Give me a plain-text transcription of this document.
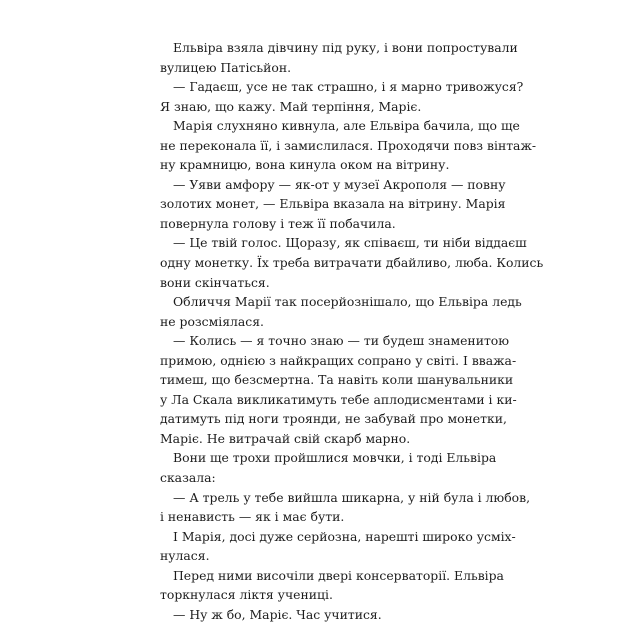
Ельвіра взяла дівчину під руку, і вони попростували
вулицею Патісьйон.
— Гадаєш, усе не так страшно, і я марно тривожуся?
Я знаю, що кажу. Май терпіння, Маріє.
Марія слухняно кивнула, але Ельвіра бачила, що ще
не переконала її, і замислилася. Проходячи повз вінтаж-
ну крамницю, вона кинула оком на вітрину.
— Уяви амфору — як-от у музеї Акрополя — повну
золотих монет, — Ельвіра вказала на вітрину. Марія
повернула голову і теж її побачила.
— Це твій голос. Щоразу, як співаєш, ти ніби віддаєш
одну монетку. Їх треба витрачати дбайливо, люба. Колись
вони скінчаться.
Обличчя Марії так посерйознішало, що Ельвіра ледь
не розсміялася.
— Колись — я точно знаю — ти будеш знаменитою
примою, однією з найкращих сопрано у світі. І вважа-
тимеш, що безсмертна. Та навіть коли шанувальники
у Ла Скала викликатимуть тебе аплодисментами і ки-
датимуть під ноги троянди, не забувай про монетки,
Маріє. Не витрачай свій скарб марно.
Вони ще трохи пройшлися мовчки, і тоді Ельвіра
сказала:
— А трель у тебе вийшла шикарна, у ній була і любов,
і ненависть — як і має бути.
І Марія, досі дуже серйозна, нарешті широко усміх-
нулася.
Перед ними височіли двері консерваторії. Ельвіра
торкнулася ліктя учениці.
— Ну ж бо, Маріє. Час учитися.
